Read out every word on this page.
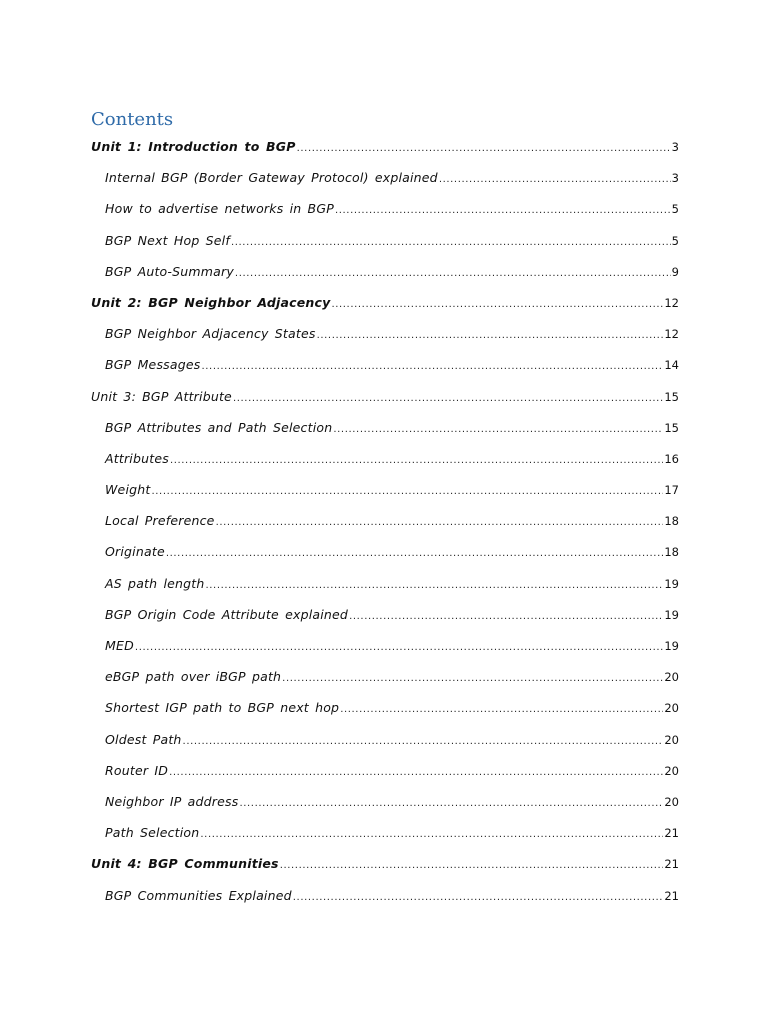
Contents
Unit 1: Introduction to BGP .....	3
Internal BGP (Border Gateway Protocol) explained .....	3
How to advertise networks in BGP .....	5
BGP Next Hop Self .....	5
BGP Auto-Summary .....	9
Unit 2: BGP Neighbor Adjacency .....	12
BGP Neighbor Adjacency States .....	12
BGP Messages .....	14
Unit 3: BGP Attribute .....	15
BGP Attributes and Path Selection .....	15
Attributes .....	16
Weight .....	17
Local Preference .....	18
Originate .....	18
AS path length .....	19
BGP Origin Code Attribute explained .....	19
MED .....	19
eBGP path over iBGP path .....	20
Shortest IGP path to BGP next hop .....	20
Oldest Path .....	20
Router ID .....	20
Neighbor IP address .....	20
Path Selection .....	21
Unit 4: BGP Communities .....	21
BGP Communities Explained .....	21
